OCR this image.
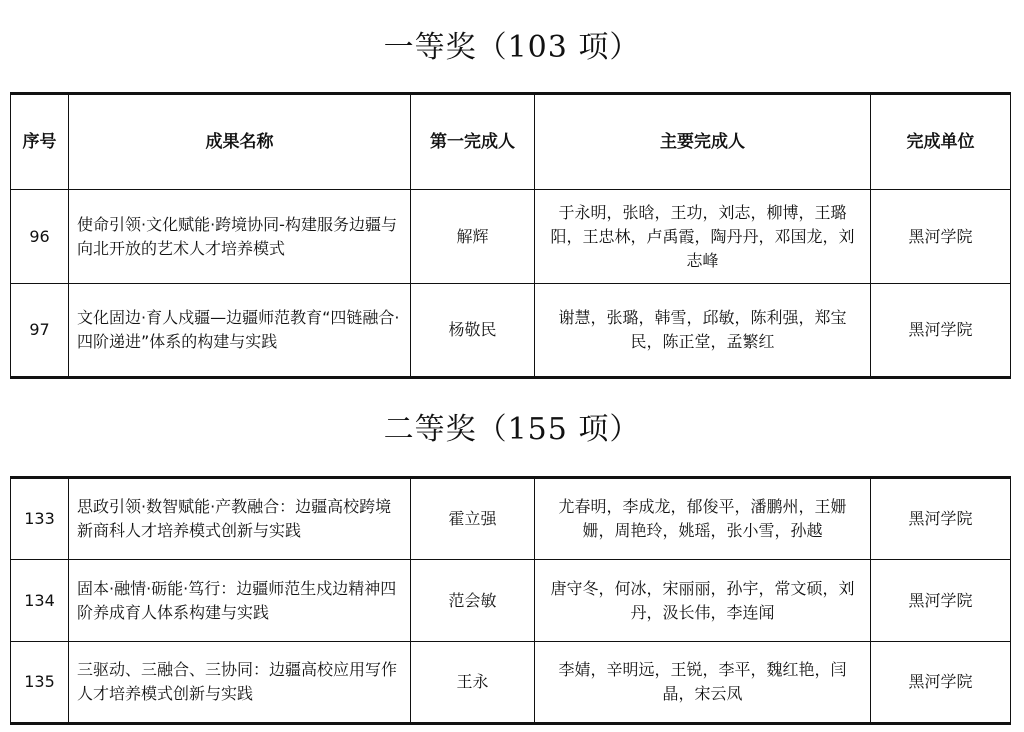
一等奖（103 项）
序号	成果名称	第一完成人	主要完成人	完成单位
96	使命引领·文化赋能·跨境协同-构建服务边疆与向北开放的艺术人才培养模式	解辉	于永明，张晗，王功，刘志，柳博，王璐阳，王忠林，卢禹霞，陶丹丹，邓国龙，刘志峰	黑河学院
97	文化固边·育人戍疆—边疆师范教育“四链融合·四阶递进”体系的构建与实践	杨敬民	谢慧，张璐，韩雪，邱敏，陈利强，郑宝民，陈正堂，孟繁红	黑河学院
二等奖（155 项）
133	思政引领·数智赋能·产教融合：边疆高校跨境新商科人才培养模式创新与实践	霍立强	尤春明，李成龙，郁俊平，潘鹏州，王姗姗，周艳玲，姚瑶，张小雪，孙越	黑河学院
134	固本·融情·砺能·笃行：边疆师范生戍边精神四阶养成育人体系构建与实践	范会敏	唐守冬，何冰，宋丽丽，孙宇，常文硕，刘丹，汲长伟，李连闻	黑河学院
135	三驱动、三融合、三协同：边疆高校应用写作人才培养模式创新与实践	王永	李婧，辛明远，王锐，李平，魏红艳，闫晶，宋云凤	黑河学院
